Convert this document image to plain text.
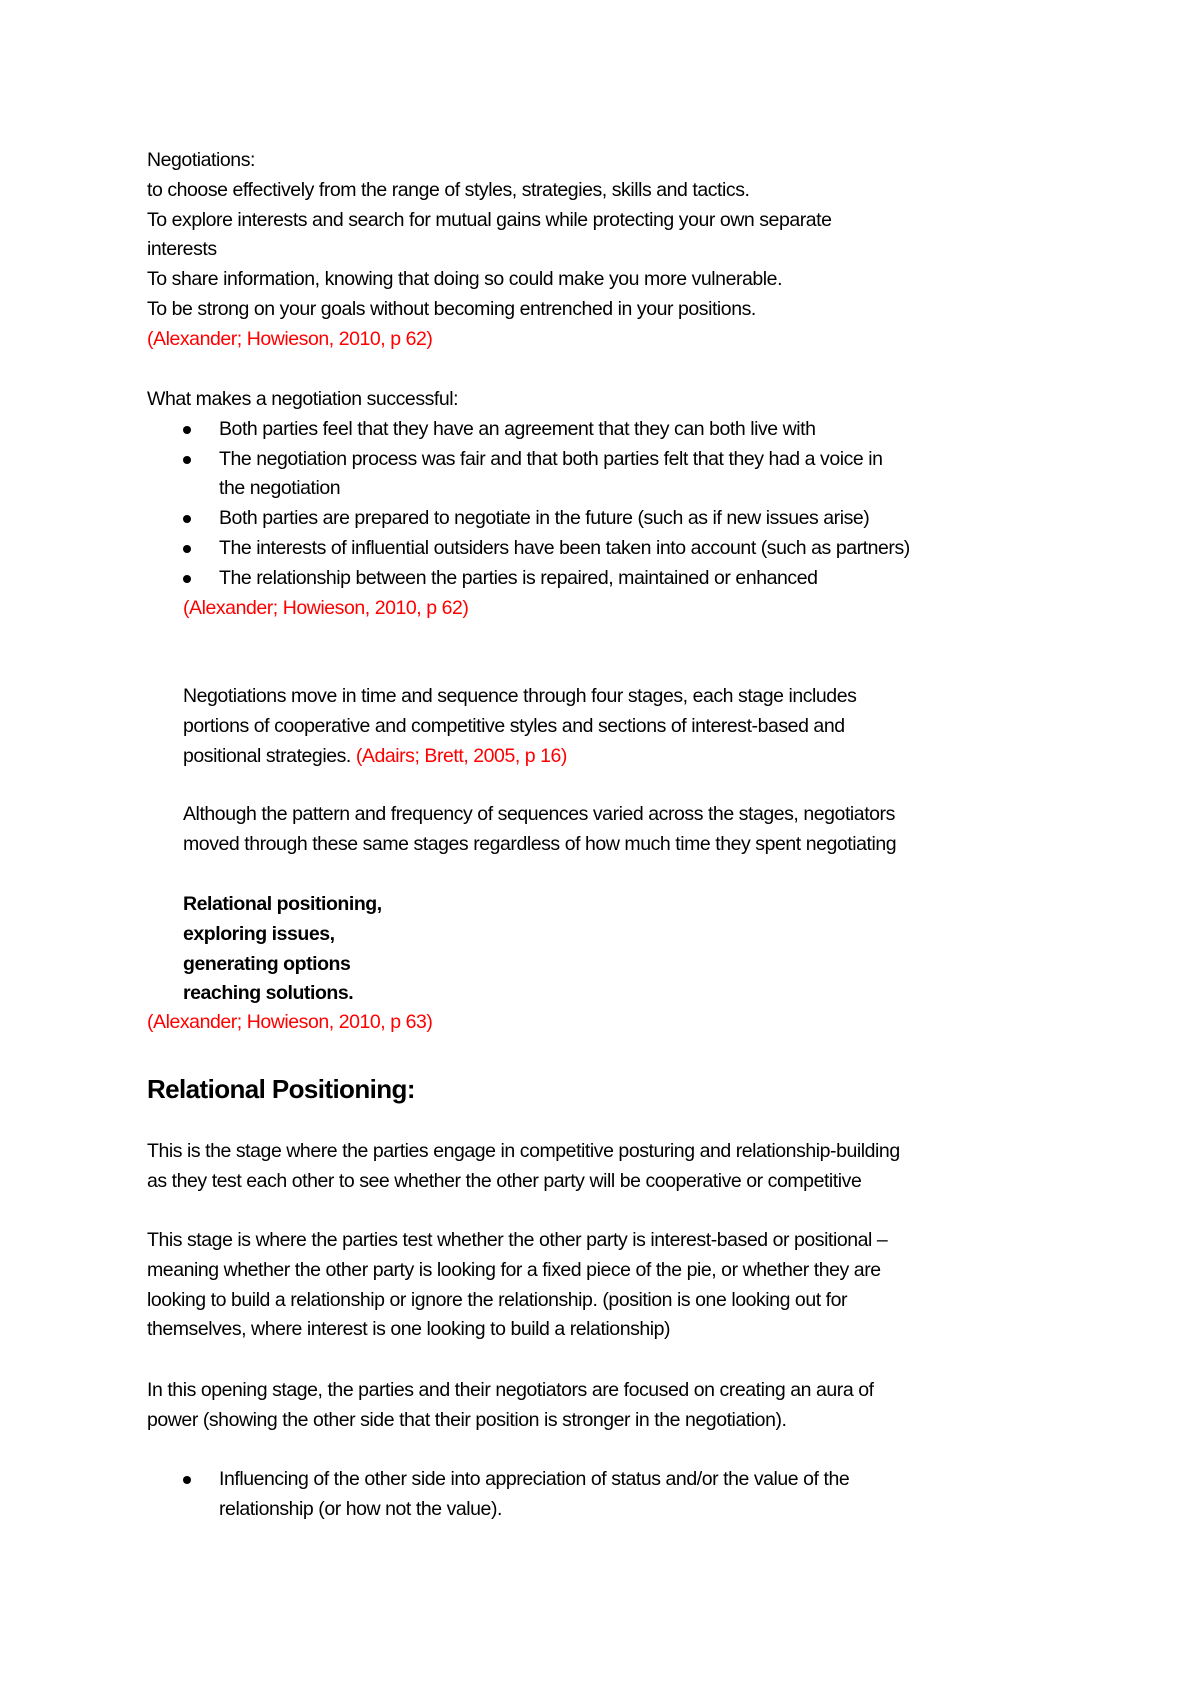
Negotiations:
to choose effectively from the range of styles, strategies, skills and tactics.
To explore interests and search for mutual gains while protecting your own separate
interests
To share information, knowing that doing so could make you more vulnerable.
To be strong on your goals without becoming entrenched in your positions.
(Alexander; Howieson, 2010, p 62)
What makes a negotiation successful:
Both parties feel that they have an agreement that they can both live with
The negotiation process was fair and that both parties felt that they had a voice in
the negotiation
Both parties are prepared to negotiate in the future (such as if new issues arise)
The interests of influential outsiders have been taken into account (such as partners)
The relationship between the parties is repaired, maintained or enhanced
(Alexander; Howieson, 2010, p 62)
Negotiations move in time and sequence through four stages, each stage includes
portions of cooperative and competitive styles and sections of interest-based and
positional strategies. (Adairs; Brett, 2005, p 16)
Although the pattern and frequency of sequences varied across the stages, negotiators
moved through these same stages regardless of how much time they spent negotiating
Relational positioning,
exploring issues,
generating options
reaching solutions.
(Alexander; Howieson, 2010, p 63)
Relational Positioning:
This is the stage where the parties engage in competitive posturing and relationship-building
as they test each other to see whether the other party will be cooperative or competitive
This stage is where the parties test whether the other party is interest-based or positional –
meaning whether the other party is looking for a fixed piece of the pie, or whether they are
looking to build a relationship or ignore the relationship. (position is one looking out for
themselves, where interest is one looking to build a relationship)
In this opening stage, the parties and their negotiators are focused on creating an aura of
power (showing the other side that their position is stronger in the negotiation).
Influencing of the other side into appreciation of status and/or the value of the
relationship (or how not the value).
